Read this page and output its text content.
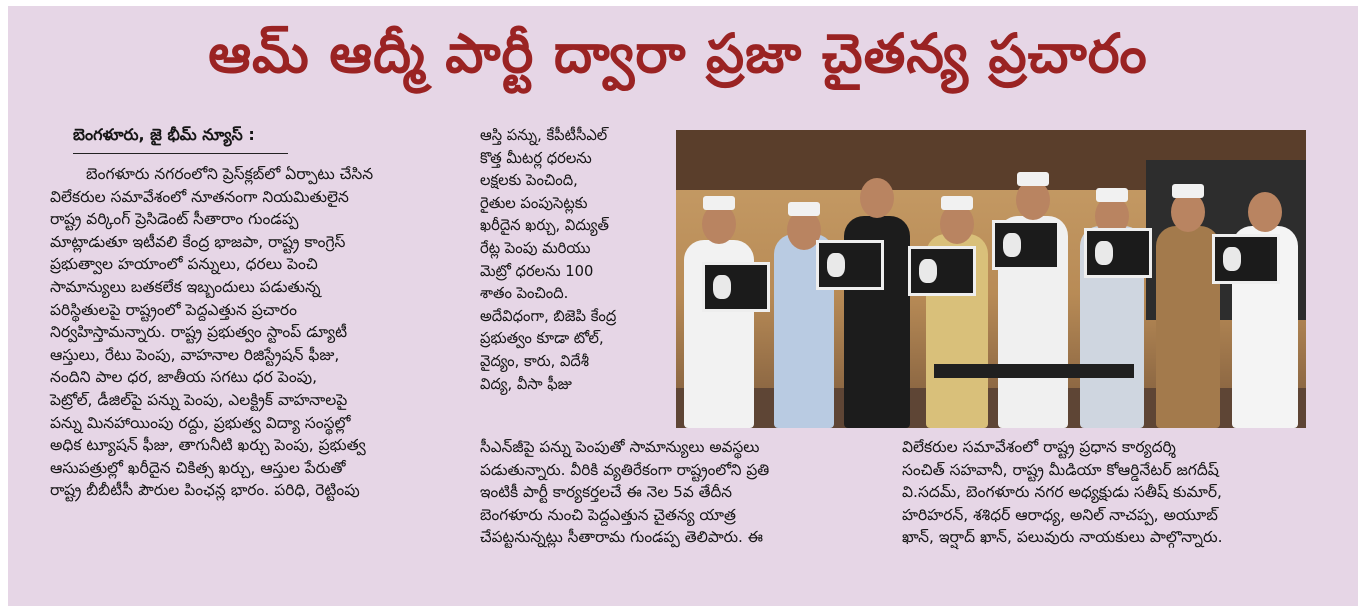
ఆమ్ ఆద్మీ పార్టీ ద్వారా ప్రజా చైతన్య ప్రచారం
బెంగళూరు, జై భీమ్ న్యూస్ :
బెంగళూరు నగరంలోని ప్రెస్‌క్లబ్‌లో ఏర్పాటు చేసిన
విలేకరుల సమావేశంలో నూతనంగా నియమితులైన
రాష్ట్ర వర్కింగ్ ప్రెసిడెంట్ సీతారాం గుండప్ప
మాట్లాడుతూ ఇటీవలి కేంద్ర భాజపా, రాష్ట్ర కాంగ్రెస్
ప్రభుత్వాల హయాంలో పన్నులు, ధరలు పెంచి
సామాన్యులు బతకలేక ఇబ్బందులు పడుతున్న
పరిస్థితులపై రాష్ట్రంలో పెద్దఎత్తున ప్రచారం
నిర్వహిస్తామన్నారు. రాష్ట్ర ప్రభుత్వం స్టాంప్ డ్యూటీ
ఆస్తులు, రేటు పెంపు, వాహనాల రిజిస్ట్రేషన్ ఫీజు,
నందిని పాల ధర, జాతీయ సగటు ధర పెంపు,
పెట్రోల్, డీజిల్‌పై పన్ను పెంపు, ఎలక్ట్రిక్ వాహనాలపై
పన్ను మినహాయింపు రద్దు, ప్రభుత్వ విద్యా సంస్థల్లో
అధిక ట్యూషన్ ఫీజు, తాగునీటి ఖర్చు పెంపు, ప్రభుత్వ
ఆసుపత్రుల్లో ఖరీదైన చికిత్స ఖర్చు, ఆస్తుల పేరుతో
రాష్ట్ర బీబీటీసీ పౌరుల పింఛన్ల భారం. పరిధి, రెట్టింపు
ఆస్తి పన్ను, కేపీటీసీఎల్
కొత్త మీటర్ల ధరలను
లక్షలకు పెంచింది,
రైతుల పంపుసెట్లకు
ఖరీదైన ఖర్చు, విద్యుత్
రేట్ల పెంపు మరియు
మెట్రో ధరలను 100
శాతం పెంచింది.
అదేవిధంగా, బిజెపి కేంద్ర
ప్రభుత్వం కూడా టోల్,
వైద్యం, కారు, విదేశీ
విద్య, వీసా ఫీజు
సీఎన్‌జీపై పన్ను పెంపుతో సామాన్యులు అవస్థలు
పడుతున్నారు. వీరికి వ్యతిరేకంగా రాష్ట్రంలోని ప్రతి
ఇంటికీ పార్టీ కార్యకర్తలచే ఈ నెల 5వ తేదీన
బెంగళూరు నుంచి పెద్దఎత్తున చైతన్య యాత్ర
చేపట్టనున్నట్లు సీతారామ గుండప్ప తెలిపారు. ఈ
విలేకరుల సమావేశంలో రాష్ట్ర ప్రధాన కార్యదర్శి
సంచిత్ సహవానీ, రాష్ట్ర మీడియా కోఆర్డినేటర్ జగదీష్
వి.సదమ్, బెంగళూరు నగర అధ్యక్షుడు సతీష్ కుమార్,
హరిహరన్, శశిధర్ ఆరాధ్య, అనిల్ నాచప్ప, అయూబ్
ఖాన్, ఇర్షాద్ ఖాన్, పలువురు నాయకులు పాల్గొన్నారు.
